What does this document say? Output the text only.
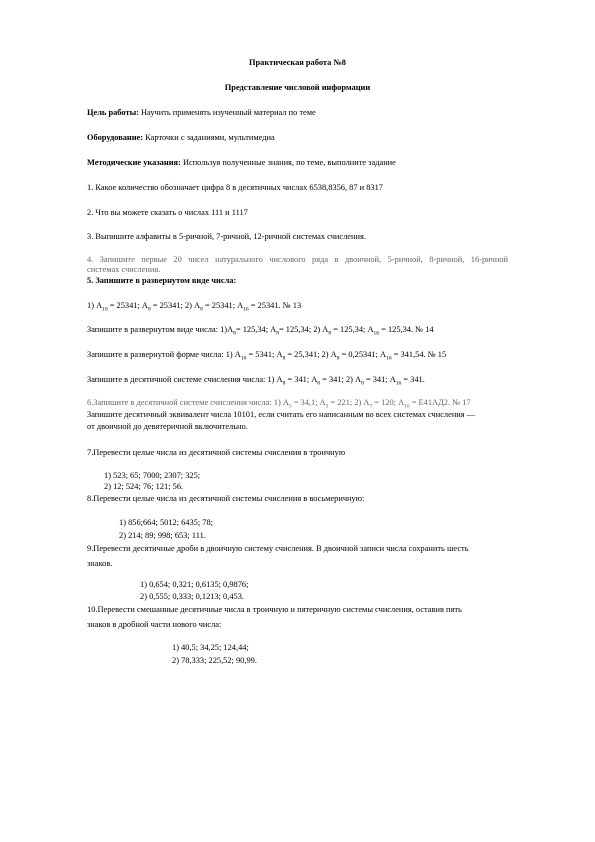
Практическая работа №8
Представление числовой информации
Цель работы: Научить применять изученный материал по теме
Оборудование: Карточки с заданиями, мультимедиа
Методические указания: Используя полученные знания, по теме, выполните задание
1. Какое количество обозначает цифра 8 в десятичных числах 6538,8356, 87 и 8317
2. Что вы можете сказать о числах 111 и 1117
3. Выпишите алфавиты в 5-ричной, 7-ричной, 12-ричной системах счисления.
4. Запишите первые 20 чисел натурального числового ряда в двоичной, 5-ричной, 8-ричной, 16-ричной
системах счисления.
5. Запишите в развернутом виде числа:
1) $А_{10} = 25341$; $А_8 = 25341$; 2) $А_8 = 25341$; $А_{16} = 25341$. № 13
Запишите в развернутом виде числа: $1)А_8= 125,34$; $А_8= 125,34$; 2) $А_8 = 125,34$; $А_{16} = 125,34$. № 14
Запишите в развернутой форме числа: 1) $А_{10} = 5341$; $А_8 = 25,341$; 2) $А_8 = 0,25341$; $А_{16} = 341,54$. № 15
Запишите в десятичной системе счисления числа: 1) $А_8 = 341$; $А_8 = 341$; 2) $А_8 = 341$; $А_{16} = 341$.
6.Запишите в десятичной системе счисления числа: 1) $А_5 = 34,1$; $А_3 = 221$; 2) $А_7 = 120$; $А_{16} = Е41АД2$. № 17
Запишите десятичный эквивалент числа 10101, если считать его написанным во всех системах счисления —
от двоичной до девятеричной включительно.
7.Перевести целые числа из десятичной системы счисления в троичную
1) 523; 65; 7000; 2307; 325;
2) 12; 524; 76; 121; 56.
8.Перевести целые числа из десятичной системы счисления в восьмеричную:
1) 856;664; 5012; 6435; 78;
2) 214; 89; 998; 653; 111.
9.Перевести десятичные дроби в двоичную систему счисления. В двоичной записи числа сохранить шесть
знаков.
1) 0,654; 0,321; 0,6135; 0,9876;
2) 0,555; 0,333; 0,1213; 0,453.
10.Перевести смешанные десятичные числа в троичную и пятеричную системы счисления, оставив пять
знаков в дробной части нового числа:
1) 40,5; 34,25; 124,44;
2) 78,333; 225,52; 90,99.
